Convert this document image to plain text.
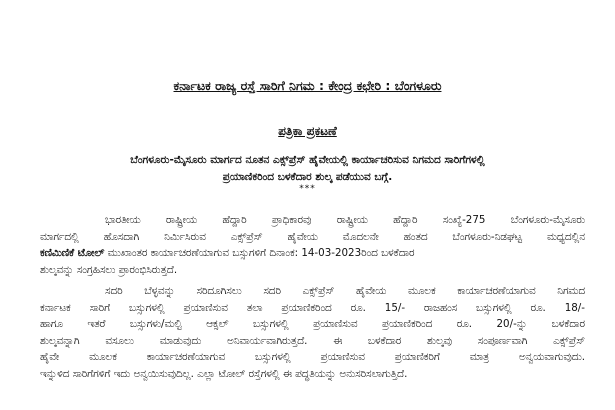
ಕರ್ನಾಟಕ ರಾಜ್ಯ ರಸ್ತೆ ಸಾರಿಗೆ ನಿಗಮ : ಕೇಂದ್ರ ಕಛೇರಿ : ಬೆಂಗಳೂರು
ಪತ್ರಿಕಾ ಪ್ರಕಟಣೆ
ಬೆಂಗಳೂರು-ಮೈಸೂರು ಮಾರ್ಗದ ನೂತನ ಎಕ್ಸ್‌ಪ್ರೆಸ್ ಹೈವೇಯಲ್ಲಿ ಕಾರ್ಯಾಚರಿಸುವ ನಿಗಮದ ಸಾರಿಗೆಗಳಲ್ಲಿ
ಪ್ರಯಾಣಿಕರಿಂದ ಬಳಕೆದಾರ ಶುಲ್ಕ ಪಡೆಯುವ ಬಗ್ಗೆ.
***
ಭಾರತೀಯ ರಾಷ್ಟ್ರೀಯ ಹೆದ್ದಾರಿ ಪ್ರಾಧಿಕಾರವು ರಾಷ್ಟ್ರೀಯ ಹೆದ್ದಾರಿ ಸಂಖ್ಯೆ-275 ಬೆಂಗಳೂರು-ಮೈಸೂರು
ಮಾರ್ಗದಲ್ಲಿ ಹೊಸದಾಗಿ ನಿರ್ಮಿಸಿರುವ ಎಕ್ಸ್‌ಪ್ರೆಸ್ ಹೈವೇಯ ಮೊದಲನೇ ಹಂತದ ಬೆಂಗಳೂರು-ನಿಡಘಟ್ಟ ಮಧ್ಯದಲ್ಲಿನ
ಕಣಿಮಿಣಿಕೆ ಟೋಲ್ ಮುಖಾಂತರ ಕಾರ್ಯಾಚರಣೆಯಾಗುವ ಬಸ್ಸುಗಳಿಗೆ ದಿನಾಂಕ: 14-03-2023ರಿಂದ ಬಳಕೆದಾರ
ಶುಲ್ಕವನ್ನು ಸಂಗ್ರಹಿಸಲು ಪ್ರಾರಂಭಿಸಿರುತ್ತದೆ.
ಸದರಿ ಬೆಳ್ಳವನ್ನು ಸರಿದೂಗಿಸಲು ಸದರಿ ಎಕ್ಸ್‌ಪ್ರೆಸ್ ಹೈವೇಯ ಮೂಲಕ ಕಾರ್ಯಾಚರಣೆಯಾಗುವ ನಿಗಮದ
ಕರ್ನಾಟಕ ಸಾರಿಗೆ ಬಸ್ಸುಗಳಲ್ಲಿ ಪ್ರಯಾಣಿಸುವ ತಲಾ ಪ್ರಯಾಣಿಕರಿಂದ ರೂ. 15/- ರಾಜಹಂಸ ಬಸ್ಸುಗಳಲ್ಲಿ ರೂ. 18/-
ಹಾಗೂ ಇತರೆ ಬಸ್ಸುಗಳು/ಮಲ್ಟಿ ಆಕ್ಸಲ್ ಬಸ್ಸುಗಳಲ್ಲಿ ಪ್ರಯಾಣಿಸುವ ಪ್ರಯಾಣಿಕರಿಂದ ರೂ. 20/-ನ್ನು ಬಳಕೆದಾರ
ಶುಲ್ಕವನ್ನಾಗಿ ವಸೂಲು ಮಾಡುವುದು ಅನಿವಾರ್ಯವಾಗಿರುತ್ತದೆ. ಈ ಬಳಕೆದಾರ ಶುಲ್ಕವು ಸಂಪೂರ್ಣವಾಗಿ ಎಕ್ಸ್‌ಪ್ರೆಸ್
ಹೈವೇ ಮೂಲಕ ಕಾರ್ಯಾಚರಣೆಯಾಗುವ ಬಸ್ಸುಗಳಲ್ಲಿ ಪ್ರಯಾಣಿಸುವ ಪ್ರಯಾಣಿಕರಿಗೆ ಮಾತ್ರ ಅನ್ವಯವಾಗುವುದು.
ಇನ್ನುಳಿದ ಸಾರಿಗೆಗಳಿಗೆ ಇದು ಅನ್ವಯಿಸುವುದಿಲ್ಲ. ಎಲ್ಲಾ ಟೋಲ್ ರಸ್ತೆಗಳಲ್ಲಿ ಈ ಪದ್ಧತಿಯನ್ನು ಅನುಸರಿಸಲಾಗುತ್ತಿದೆ.
